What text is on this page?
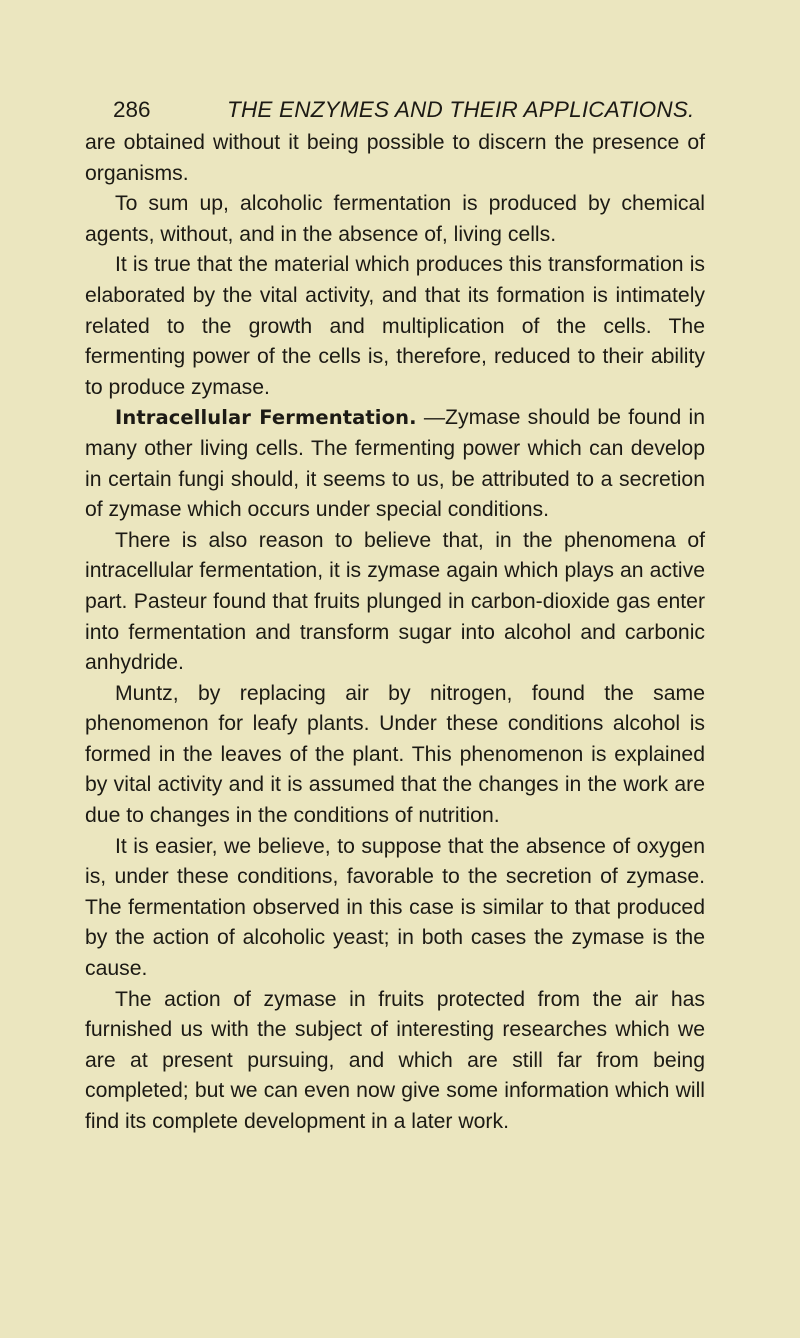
286	THE ENZYMES AND THEIR APPLICATIONS.

are obtained without it being possible to discern the presence of organisms.

To sum up, alcoholic fermentation is produced by chemical agents, without, and in the absence of, living cells.

It is true that the material which produces this transformation is elaborated by the vital activity, and that its formation is intimately related to the growth and multiplication of the cells. The fermenting power of the cells is, therefore, reduced to their ability to produce zymase.

Intracellular Fermentation. —Zymase should be found in many other living cells. The fermenting power which can develop in certain fungi should, it seems to us, be attributed to a secretion of zymase which occurs under special conditions.

There is also reason to believe that, in the phenomena of intracellular fermentation, it is zymase again which plays an active part. Pasteur found that fruits plunged in carbon-dioxide gas enter into fermentation and transform sugar into alcohol and carbonic anhydride.

Muntz, by replacing air by nitrogen, found the same phenomenon for leafy plants. Under these conditions alcohol is formed in the leaves of the plant. This phenomenon is explained by vital activity and it is assumed that the changes in the work are due to changes in the conditions of nutrition.

It is easier, we believe, to suppose that the absence of oxygen is, under these conditions, favorable to the secretion of zymase. The fermentation observed in this case is similar to that produced by the action of alcoholic yeast; in both cases the zymase is the cause.

The action of zymase in fruits protected from the air has furnished us with the subject of interesting researches which we are at present pursuing, and which are still far from being completed; but we can even now give some information which will find its complete development in a later work.
